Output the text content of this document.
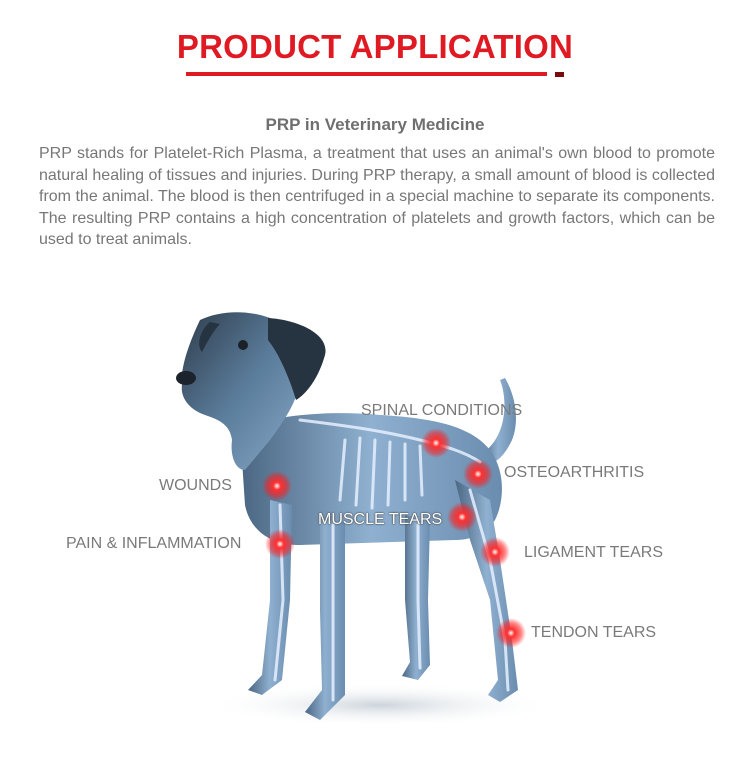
PRODUCT APPLICATION
PRP in Veterinary Medicine

PRP stands for Platelet-Rich Plasma, a treatment that uses an animal's own blood to promote natural healing of tissues and injuries. During PRP therapy, a small amount of blood is collected from the animal. The blood is then centrifuged in a special machine to separate its components. The resulting PRP contains a high concentration of platelets and growth factors, which can be used to treat animals.

SPINAL CONDITIONS
OSTEOARTHRITIS
WOUNDS
MUSCLE TEARS
PAIN & INFLAMMATION
LIGAMENT TEARS
TENDON TEARS
